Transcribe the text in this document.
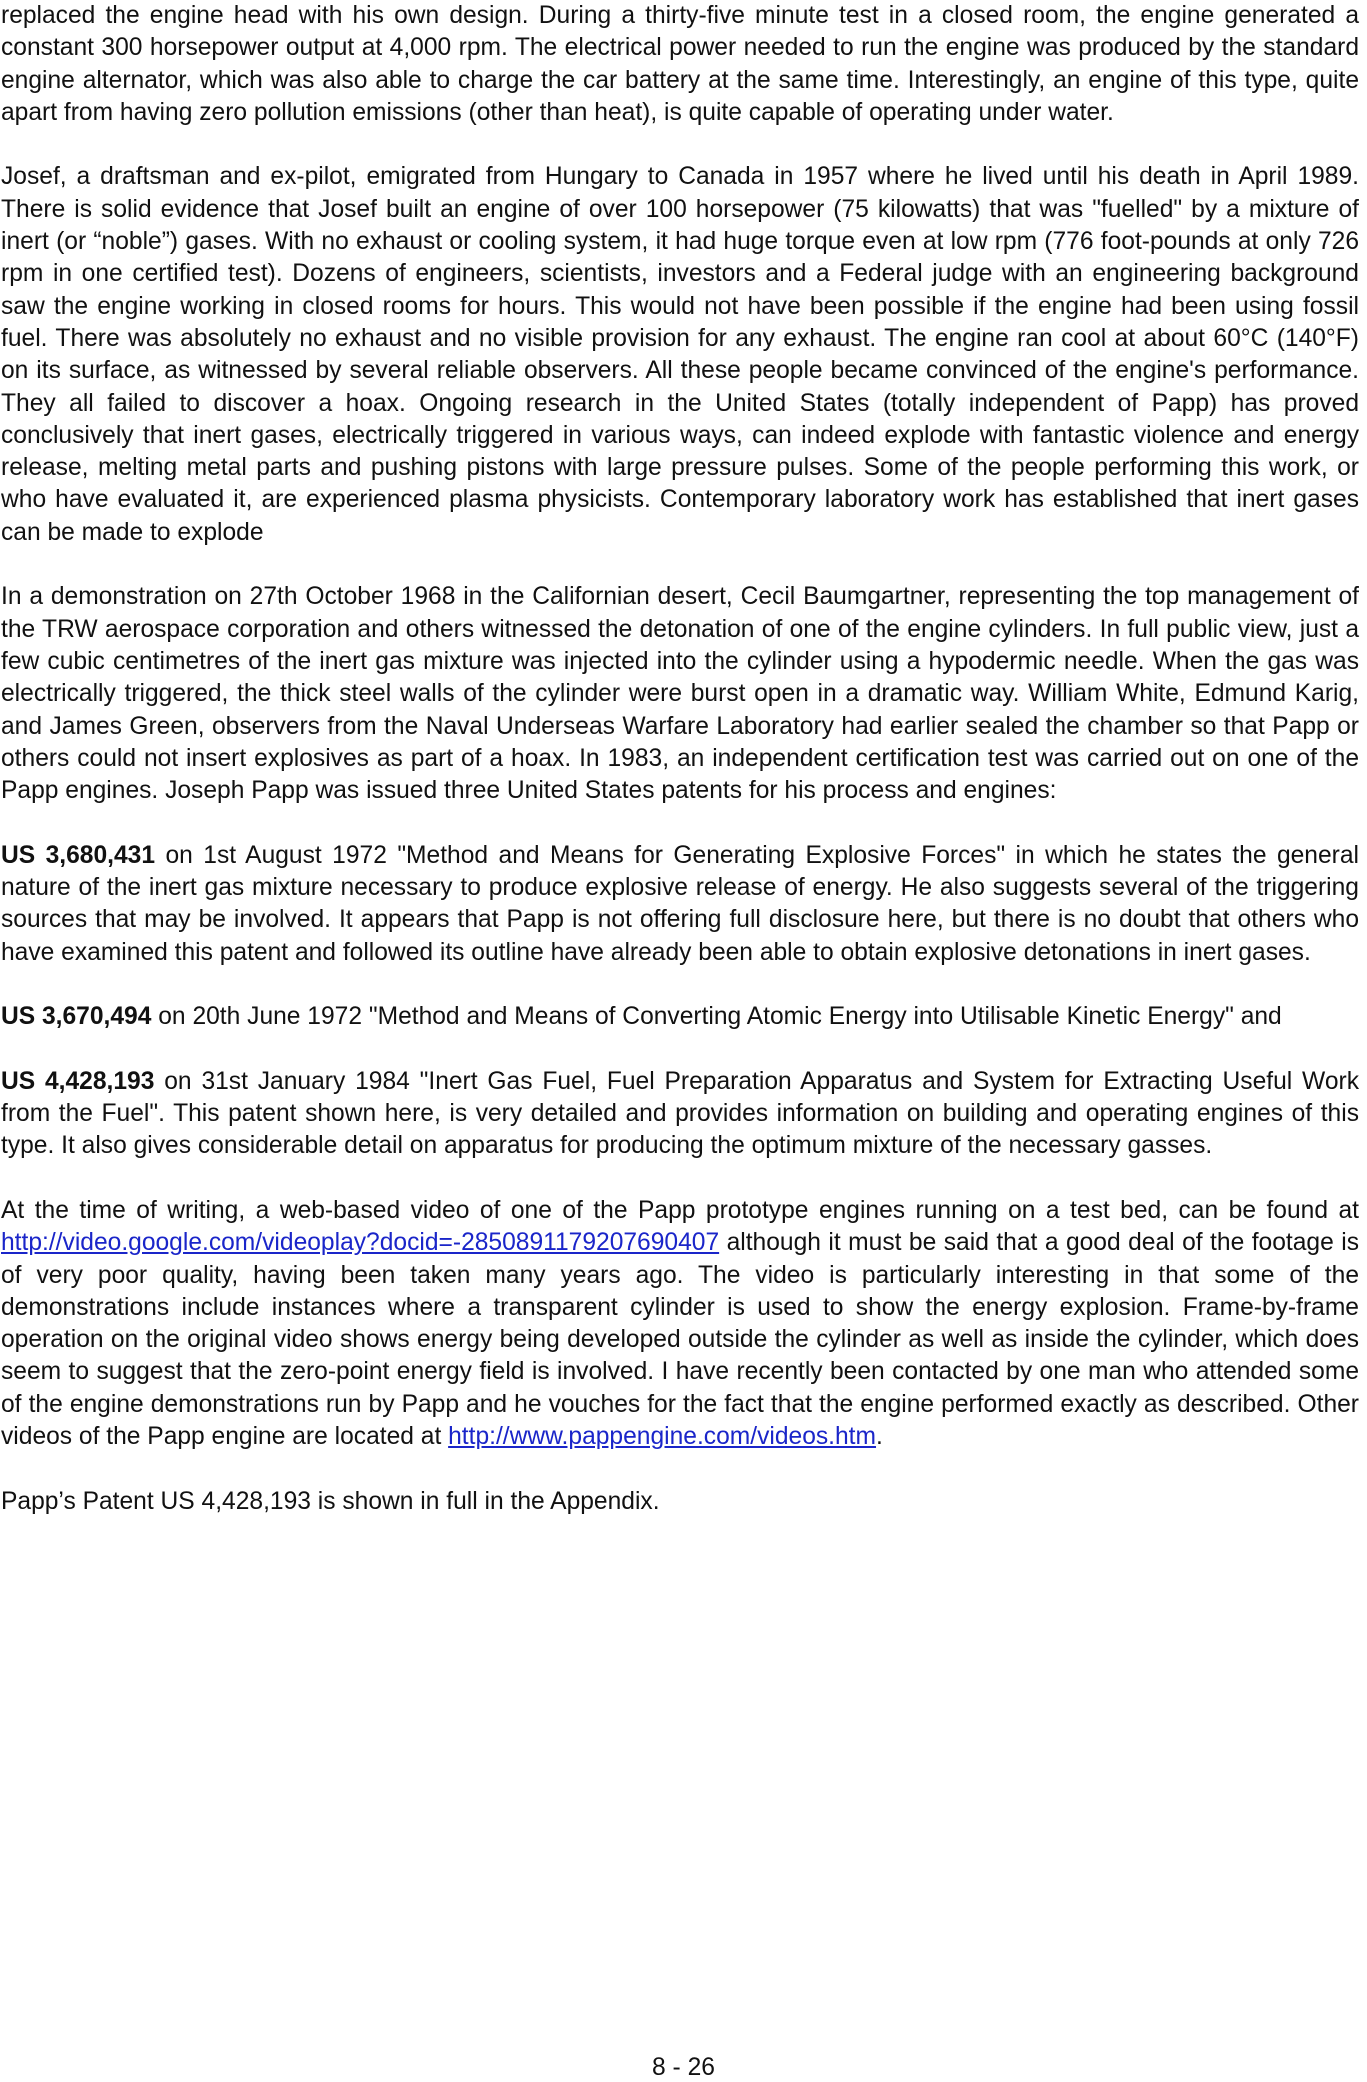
replaced the engine head with his own design. During a thirty-five minute test in a closed room, the engine generated a constant 300 horsepower output at 4,000 rpm. The electrical power needed to run the engine was produced by the standard engine alternator, which was also able to charge the car battery at the same time. Interestingly, an engine of this type, quite apart from having zero pollution emissions (other than heat), is quite capable of operating under water.

Josef, a draftsman and ex-pilot, emigrated from Hungary to Canada in 1957 where he lived until his death in April 1989. There is solid evidence that Josef built an engine of over 100 horsepower (75 kilowatts) that was "fuelled" by a mixture of inert (or “noble”) gases. With no exhaust or cooling system, it had huge torque even at low rpm (776 foot-pounds at only 726 rpm in one certified test). Dozens of engineers, scientists, investors and a Federal judge with an engineering background saw the engine working in closed rooms for hours. This would not have been possible if the engine had been using fossil fuel. There was absolutely no exhaust and no visible provision for any exhaust. The engine ran cool at about 60°C (140°F) on its surface, as witnessed by several reliable observers. All these people became convinced of the engine's performance. They all failed to discover a hoax. Ongoing research in the United States (totally independent of Papp) has proved conclusively that inert gases, electrically triggered in various ways, can indeed explode with fantastic violence and energy release, melting metal parts and pushing pistons with large pressure pulses. Some of the people performing this work, or who have evaluated it, are experienced plasma physicists. Contemporary laboratory work has established that inert gases can be made to explode

In a demonstration on 27th October 1968 in the Californian desert, Cecil Baumgartner, representing the top management of the TRW aerospace corporation and others witnessed the detonation of one of the engine cylinders. In full public view, just a few cubic centimetres of the inert gas mixture was injected into the cylinder using a hypodermic needle. When the gas was electrically triggered, the thick steel walls of the cylinder were burst open in a dramatic way. William White, Edmund Karig, and James Green, observers from the Naval Underseas Warfare Laboratory had earlier sealed the chamber so that Papp or others could not insert explosives as part of a hoax. In 1983, an independent certification test was carried out on one of the Papp engines. Joseph Papp was issued three United States patents for his process and engines:

US 3,680,431 on 1st August 1972 "Method and Means for Generating Explosive Forces" in which he states the general nature of the inert gas mixture necessary to produce explosive release of energy. He also suggests several of the triggering sources that may be involved. It appears that Papp is not offering full disclosure here, but there is no doubt that others who have examined this patent and followed its outline have already been able to obtain explosive detonations in inert gases.

US 3,670,494 on 20th June 1972 "Method and Means of Converting Atomic Energy into Utilisable Kinetic Energy" and

US 4,428,193 on 31st January 1984 "Inert Gas Fuel, Fuel Preparation Apparatus and System for Extracting Useful Work from the Fuel". This patent shown here, is very detailed and provides information on building and operating engines of this type. It also gives considerable detail on apparatus for producing the optimum mixture of the necessary gasses.

At the time of writing, a web-based video of one of the Papp prototype engines running on a test bed, can be found at http://video.google.com/videoplay?docid=-2850891179207690407 although it must be said that a good deal of the footage is of very poor quality, having been taken many years ago. The video is particularly interesting in that some of the demonstrations include instances where a transparent cylinder is used to show the energy explosion. Frame-by-frame operation on the original video shows energy being developed outside the cylinder as well as inside the cylinder, which does seem to suggest that the zero-point energy field is involved. I have recently been contacted by one man who attended some of the engine demonstrations run by Papp and he vouches for the fact that the engine performed exactly as described. Other videos of the Papp engine are located at http://www.pappengine.com/videos.htm.

Papp’s Patent US 4,428,193 is shown in full in the Appendix.

8 - 26
